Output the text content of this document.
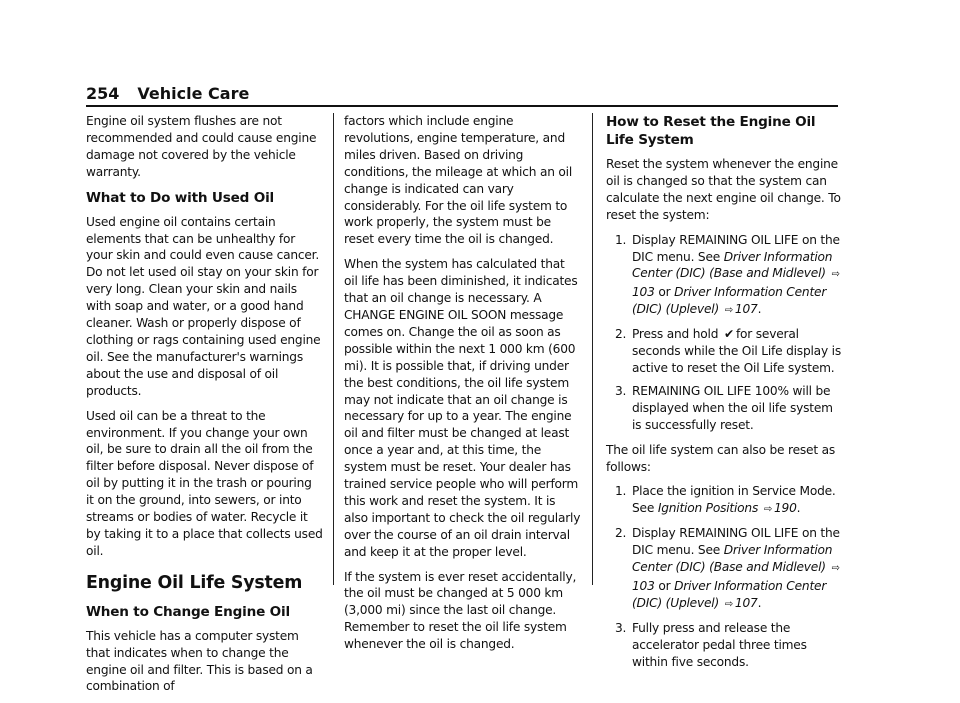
254 Vehicle Care

Engine oil system flushes are not recommended and could cause engine damage not covered by the vehicle warranty.

What to Do with Used Oil

Used engine oil contains certain elements that can be unhealthy for your skin and could even cause cancer. Do not let used oil stay on your skin for very long. Clean your skin and nails with soap and water, or a good hand cleaner. Wash or properly dispose of clothing or rags containing used engine oil. See the manufacturer's warnings about the use and disposal of oil products.

Used oil can be a threat to the environment. If you change your own oil, be sure to drain all the oil from the filter before disposal. Never dispose of oil by putting it in the trash or pouring it on the ground, into sewers, or into streams or bodies of water. Recycle it by taking it to a place that collects used oil.

Engine Oil Life System
When to Change Engine Oil

This vehicle has a computer system that indicates when to change the engine oil and filter. This is based on a combination of

factors which include engine revolutions, engine temperature, and miles driven. Based on driving conditions, the mileage at which an oil change is indicated can vary considerably. For the oil life system to work properly, the system must be reset every time the oil is changed.

When the system has calculated that oil life has been diminished, it indicates that an oil change is necessary. A CHANGE ENGINE OIL SOON message comes on. Change the oil as soon as possible within the next 1 000 km (600 mi). It is possible that, if driving under the best conditions, the oil life system may not indicate that an oil change is necessary for up to a year. The engine oil and filter must be changed at least once a year and, at this time, the system must be reset. Your dealer has trained service people who will perform this work and reset the system. It is also important to check the oil regularly over the course of an oil drain interval and keep it at the proper level.

If the system is ever reset accidentally, the oil must be changed at 5 000 km (3,000 mi) since the last oil change. Remember to reset the oil life system whenever the oil is changed.

How to Reset the Engine Oil Life System

Reset the system whenever the engine oil is changed so that the system can calculate the next engine oil change. To reset the system:

1. Display REMAINING OIL LIFE on the DIC menu. See Driver Information Center (DIC) (Base and Midlevel) ⇨103 or Driver Information Center (DIC) (Uplevel) ⇨ 107.
2. Press and hold ✔ for several seconds while the Oil Life display is active to reset the Oil Life system.
3. REMAINING OIL LIFE 100% will be displayed when the oil life system is successfully reset.

The oil life system can also be reset as follows:

1. Place the ignition in Service Mode. See Ignition Positions ⇨ 190.
2. Display REMAINING OIL LIFE on the DIC menu. See Driver Information Center (DIC) (Base and Midlevel) ⇨103 or Driver Information Center (DIC) (Uplevel) ⇨ 107.
3. Fully press and release the accelerator pedal three times within five seconds.
